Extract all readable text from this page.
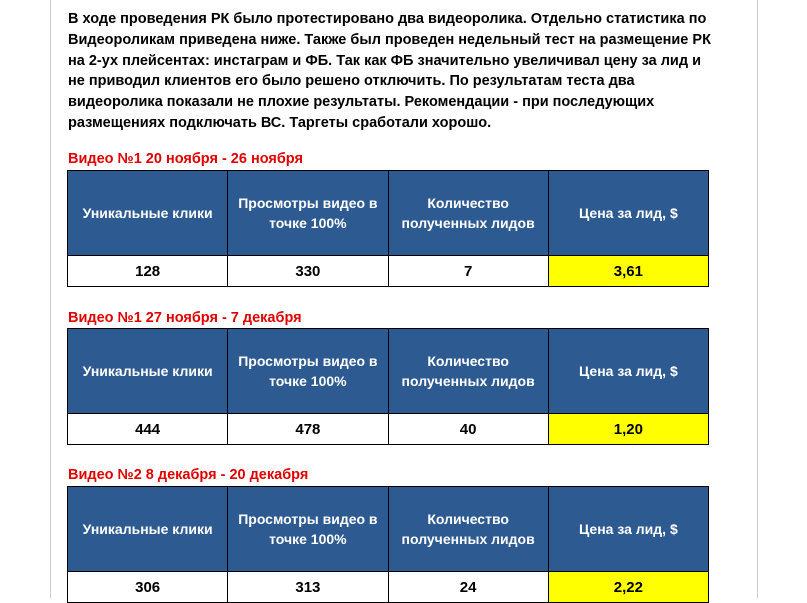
В ходе проведения РК было протестировано два видеоролика. Отдельно статистика по Видеороликам приведена ниже. Также был проведен недельный тест на размещение РК на 2-ух плейсентах: инстаграм и ФБ. Так как ФБ значительно увеличивал цену за лид и не приводил клиентов его было решено отключить. По результатам теста два видеоролика показали не плохие результаты. Рекомендации - при последующих размещениях подключать ВС. Таргеты сработали хорошо.

Видео №1 20 ноября - 26 ноября
Уникальные клики	Просмотры видео в точке 100%	Количество полученных лидов	Цена за лид, $
128	330	7	3,61
Видео №1 27 ноября - 7 декабря
Уникальные клики	Просмотры видео в точке 100%	Количество полученных лидов	Цена за лид, $
444	478	40	1,20
Видео №2 8 декабря - 20 декабря
Уникальные клики	Просмотры видео в точке 100%	Количество полученных лидов	Цена за лид, $
306	313	24	2,22
